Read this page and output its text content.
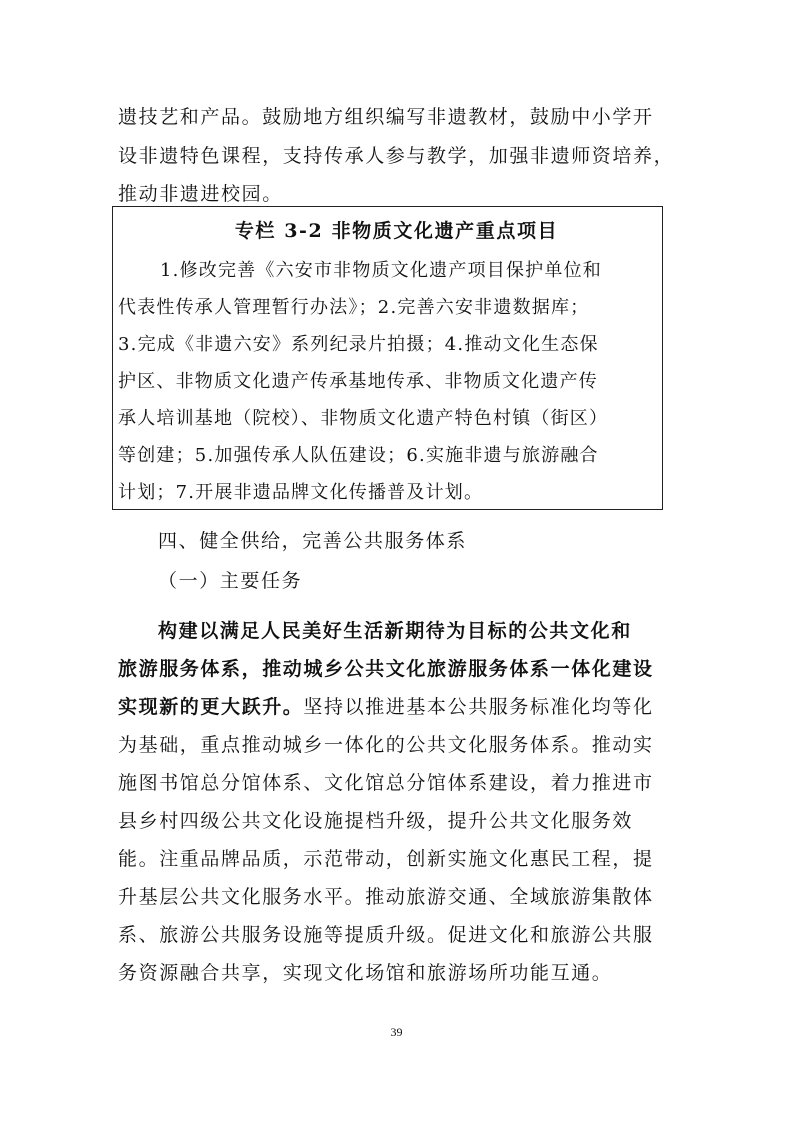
遗技艺和产品。鼓励地方组织编写非遗教材，鼓励中小学开
设非遗特色课程，支持传承人参与教学，加强非遗师资培养，
推动非遗进校园。
专栏 3-2 非物质文化遗产重点项目
1.修改完善《六安市非物质文化遗产项目保护单位和
代表性传承人管理暂行办法》；2.完善六安非遗数据库；
3.完成《非遗六安》系列纪录片拍摄；4.推动文化生态保
护区、非物质文化遗产传承基地传承、非物质文化遗产传
承人培训基地（院校）、非物质文化遗产特色村镇（街区）
等创建；5.加强传承人队伍建设；6.实施非遗与旅游融合
计划；7.开展非遗品牌文化传播普及计划。
四、健全供给，完善公共服务体系
（一）主要任务
构建以满足人民美好生活新期待为目标的公共文化和
旅游服务体系，推动城乡公共文化旅游服务体系一体化建设
实现新的更大跃升。坚持以推进基本公共服务标准化均等化
为基础，重点推动城乡一体化的公共文化服务体系。推动实
施图书馆总分馆体系、文化馆总分馆体系建设，着力推进市
县乡村四级公共文化设施提档升级，提升公共文化服务效
能。注重品牌品质，示范带动，创新实施文化惠民工程，提
升基层公共文化服务水平。推动旅游交通、全域旅游集散体
系、旅游公共服务设施等提质升级。促进文化和旅游公共服
务资源融合共享，实现文化场馆和旅游场所功能互通。
39
